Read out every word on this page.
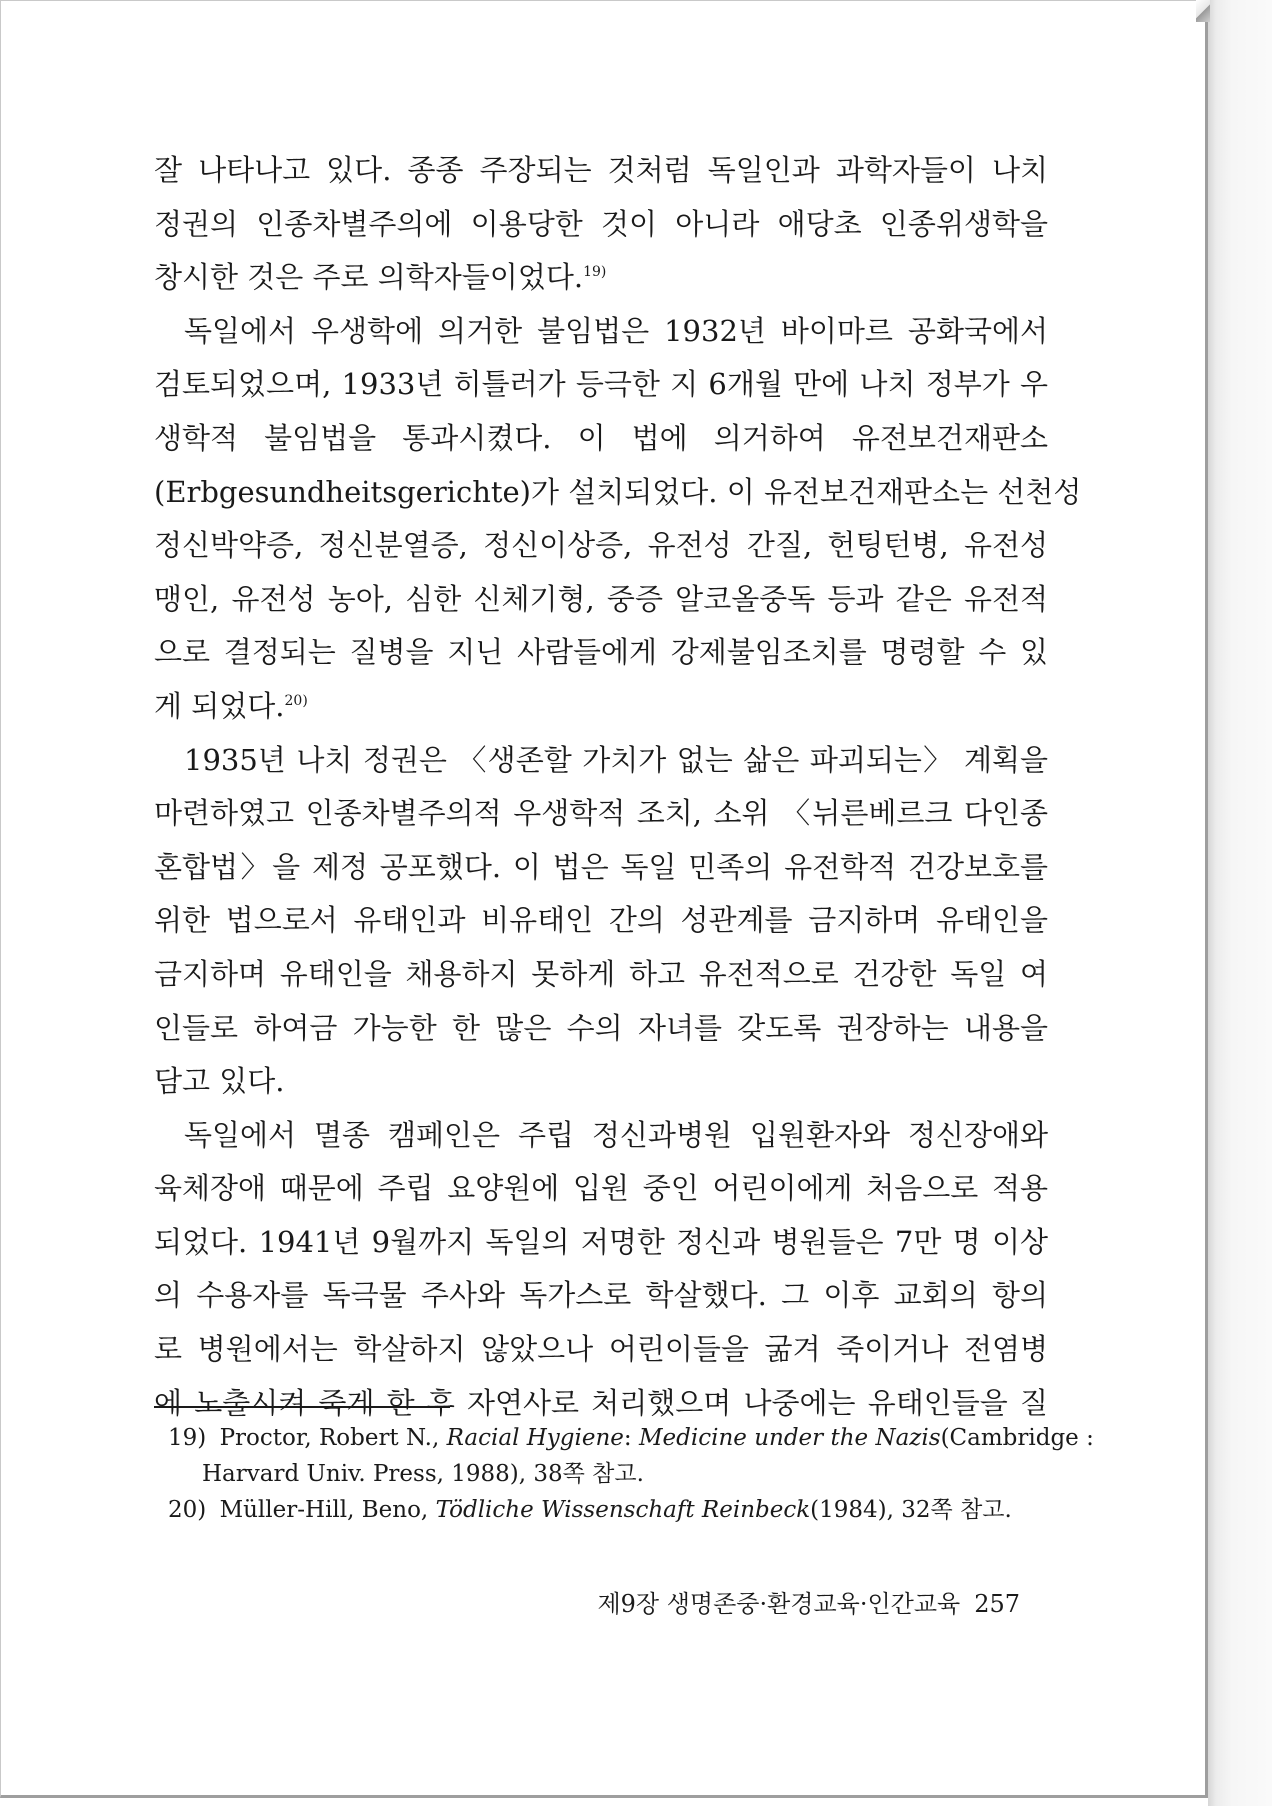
잘 나타나고 있다. 종종 주장되는 것처럼 독일인과 과학자들이 나치
정권의 인종차별주의에 이용당한 것이 아니라 애당초 인종위생학을
창시한 것은 주로 의학자들이었다.$^{19)}$
독일에서 우생학에 의거한 불임법은 1932년 바이마르 공화국에서
검토되었으며, 1933년 히틀러가 등극한 지 6개월 만에 나치 정부가 우
생학적 불임법을 통과시켰다. 이 법에 의거하여 유전보건재판소
(Erbgesundheitsgerichte)가 설치되었다. 이 유전보건재판소는 선천성
정신박약증, 정신분열증, 정신이상증, 유전성 간질, 헌팅턴병, 유전성
맹인, 유전성 농아, 심한 신체기형, 중증 알코올중독 등과 같은 유전적
으로 결정되는 질병을 지닌 사람들에게 강제불임조치를 명령할 수 있
게 되었다.$^{20)}$
1935년 나치 정권은 〈생존할 가치가 없는 삶은 파괴되는〉 계획을
마련하였고 인종차별주의적 우생학적 조치, 소위 〈뉘른베르크 다인종
혼합법〉을 제정 공포했다. 이 법은 독일 민족의 유전학적 건강보호를
위한 법으로서 유태인과 비유태인 간의 성관계를 금지하며 유태인을
금지하며 유태인을 채용하지 못하게 하고 유전적으로 건강한 독일 여
인들로 하여금 가능한 한 많은 수의 자녀를 갖도록 권장하는 내용을
담고 있다.
독일에서 멸종 캠페인은 주립 정신과병원 입원환자와 정신장애와
육체장애 때문에 주립 요양원에 입원 중인 어린이에게 처음으로 적용
되었다. 1941년 9월까지 독일의 저명한 정신과 병원들은 7만 명 이상
의 수용자를 독극물 주사와 독가스로 학살했다. 그 이후 교회의 항의
로 병원에서는 학살하지 않았으나 어린이들을 굶겨 죽이거나 전염병
에 노출시켜 죽게 한 후 자연사로 처리했으며 나중에는 유태인들을 질
19) Proctor, Robert N., Racial Hygiene: Medicine under the Nazis(Cambridge :
Harvard Univ. Press, 1988), 38쪽 참고.
20) Müller-Hill, Beno, Tödliche Wissenschaft Reinbeck(1984), 32쪽 참고.
제9장 생명존중·환경교육·인간교육 257
